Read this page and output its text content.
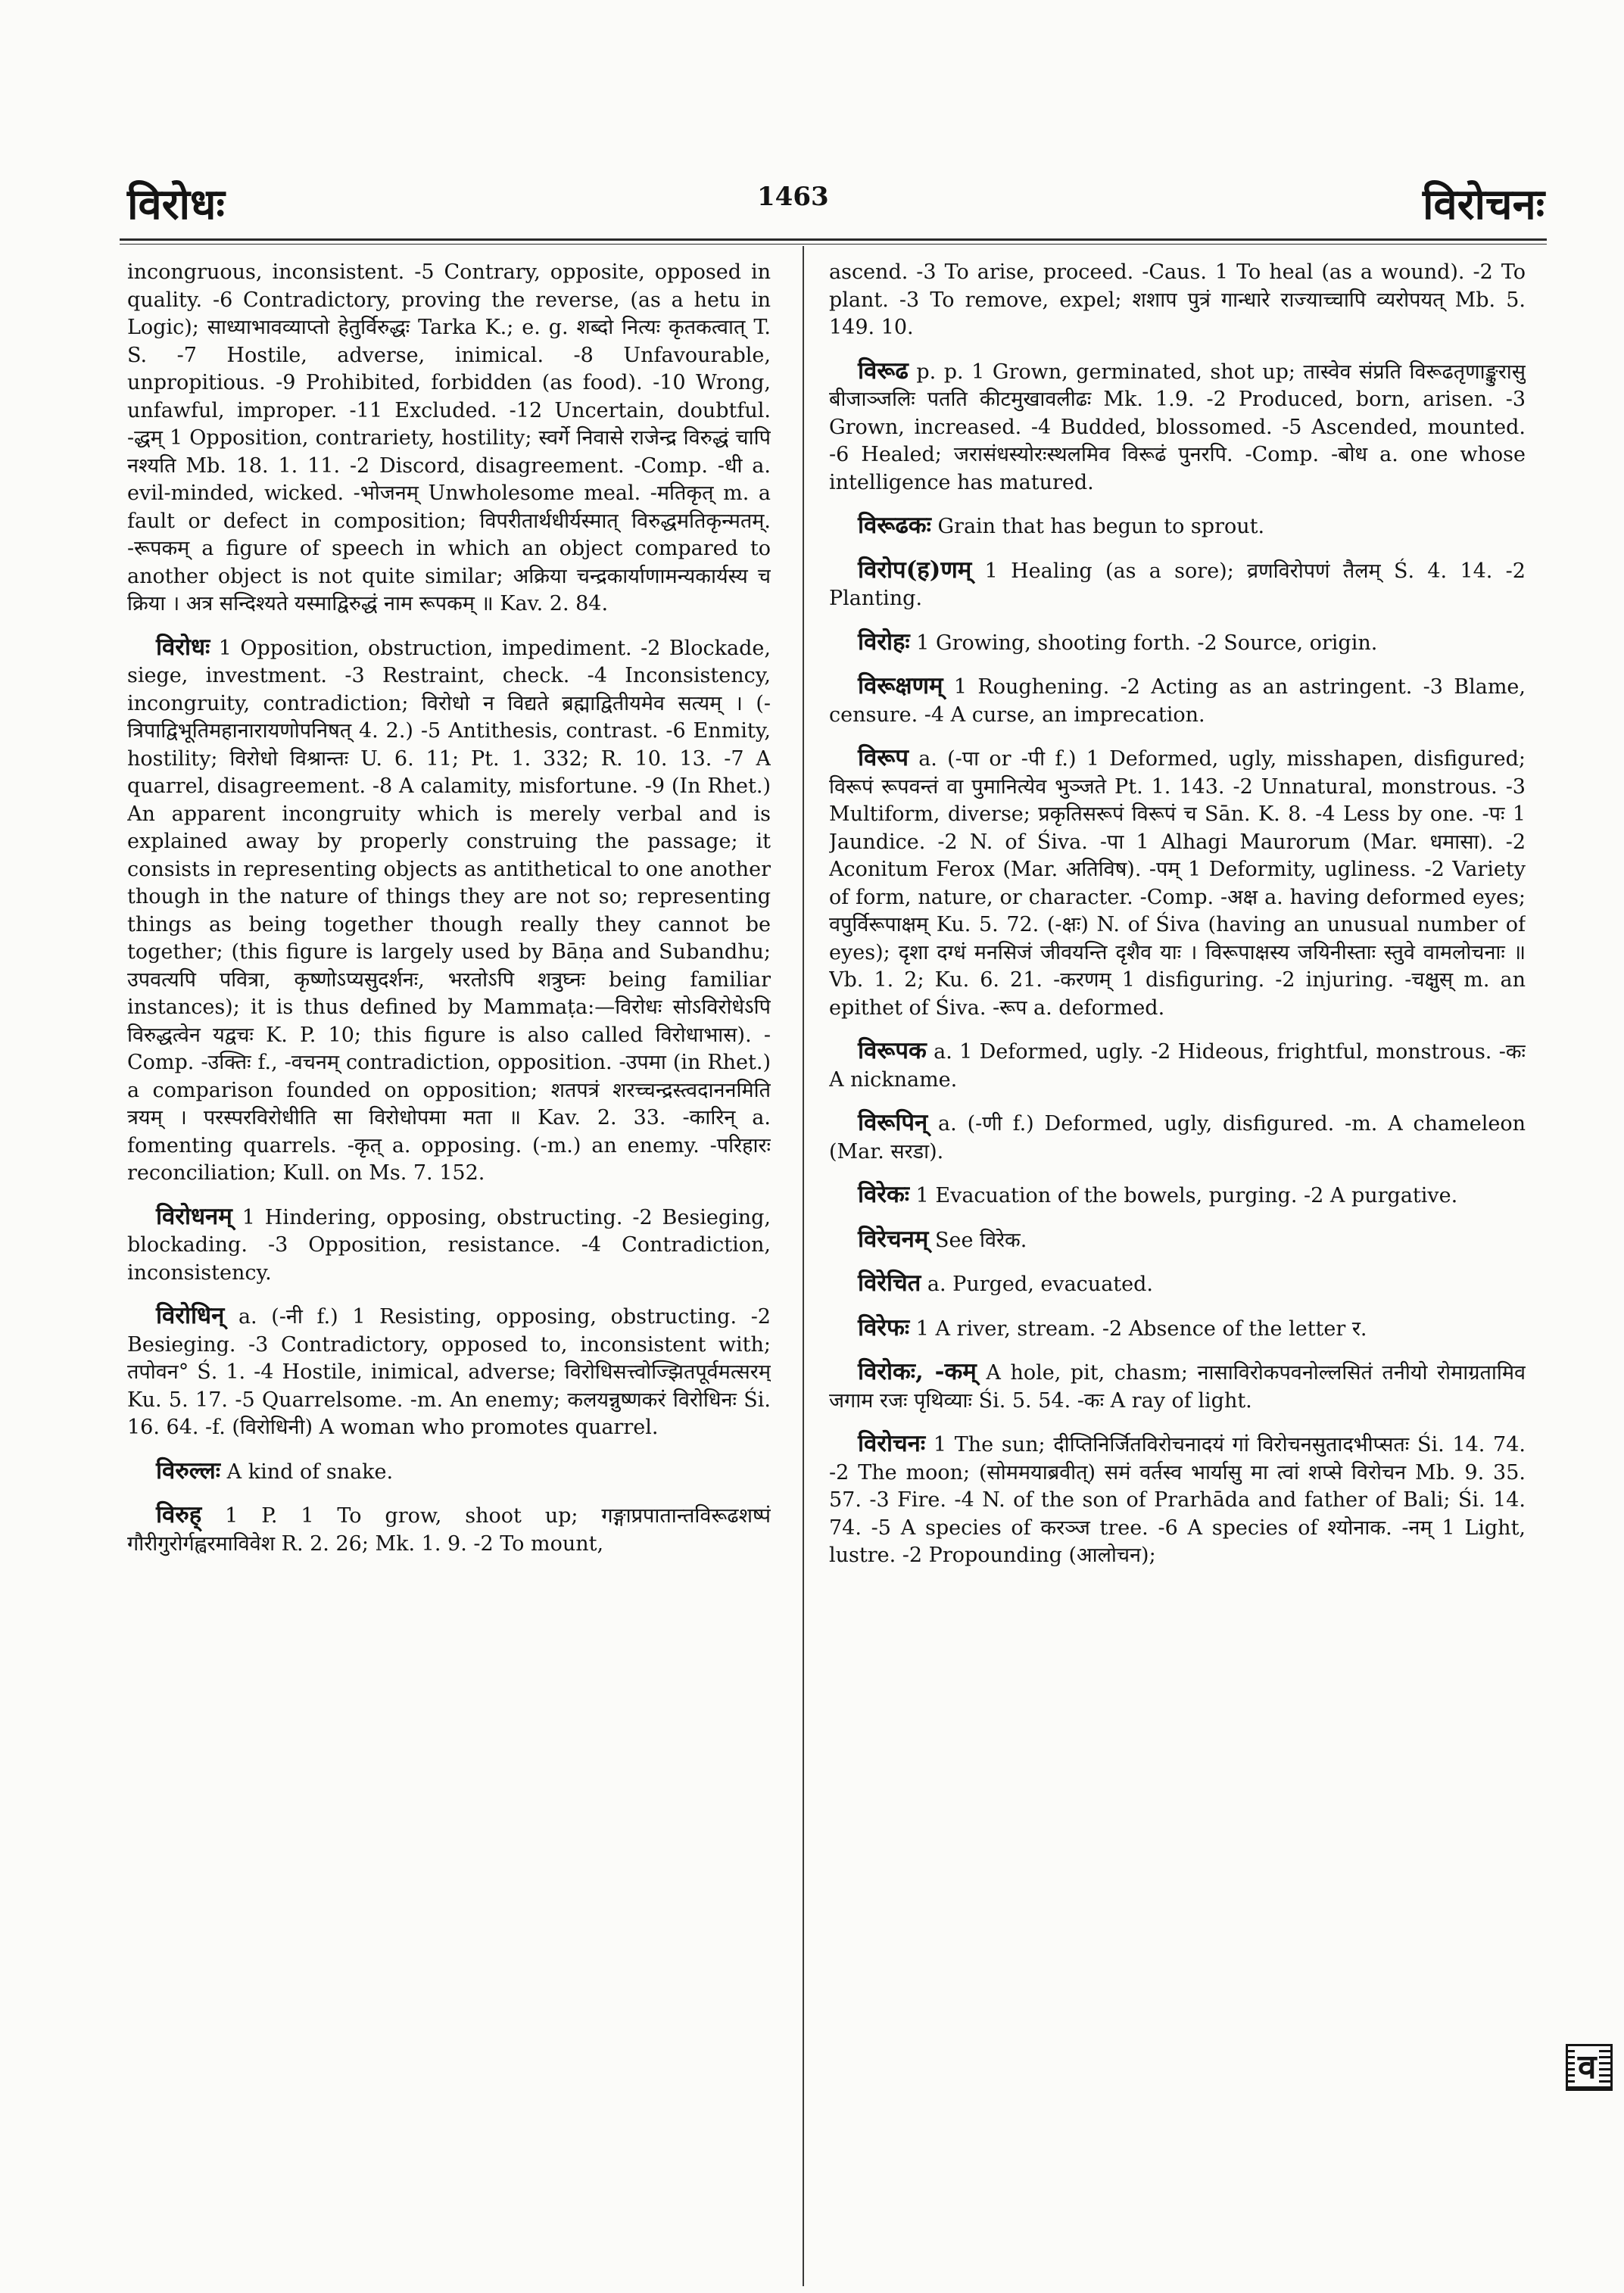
विरोधः	1463	विरोचनः

incongruous, inconsistent. -5 Contrary, opposite, opposed in quality. -6 Contradictory, proving the reverse, (as a hetu in Logic); साध्याभावव्याप्तो हेतुर्विरुद्धः Tarka K.; e. g. शब्दो नित्यः कृतकत्वात् T. S. -7 Hostile, adverse, inimical. -8 Unfavourable, unpropitious. -9 Prohibited, forbidden (as food). -10 Wrong, unfawful, improper. -11 Excluded. -12 Uncertain, doubtful. -द्धम् 1 Opposition, contrariety, hostility; स्वर्गे निवासे राजेन्द्र विरुद्धं चापि नश्यति Mb. 18. 1. 11. -2 Discord, disagreement. -Comp. -धी a. evil-minded, wicked. -भोजनम् Unwholesome meal. -मतिकृत् m. a fault or defect in composition; विपरीतार्थधीर्यस्मात् विरुद्धमतिकृन्मतम्. -रूपकम् a figure of speech in which an object compared to another object is not quite similar; अक्रिया चन्द्रकार्याणामन्यकार्यस्य च क्रिया । अत्र सन्दिश्यते यस्माद्विरुद्धं नाम रूपकम् ॥ Kav. 2. 84.

विरोधः 1 Opposition, obstruction, impediment. -2 Blockade, siege, investment. -3 Restraint, check. -4 Inconsistency, incongruity, contradiction; विरोधो न विद्यते ब्रह्माद्वितीयमेव सत्यम् । (-त्रिपाद्विभूतिमहानारायणोपनिषत् 4. 2.) -5 Antithesis, contrast. -6 Enmity, hostility; विरोधो विश्रान्तः U. 6. 11; Pt. 1. 332; R. 10. 13. -7 A quarrel, disagreement. -8 A calamity, misfortune. -9 (In Rhet.) An apparent incongruity which is merely verbal and is explained away by properly construing the passage; it consists in representing objects as antithetical to one another though in the nature of things they are not so; representing things as being together though really they cannot be together; (this figure is largely used by Bāṇa and Subandhu; उपवत्यपि पवित्रा, कृष्णोऽप्यसुदर्शनः, भरतोऽपि शत्रुघ्नः being familiar instances); it is thus defined by Mammaṭa:—विरोधः सोऽविरोधेऽपि विरुद्धत्वेन यद्वचः K. P. 10; this figure is also called विरोधाभास). -Comp. -उक्तिः f., -वचनम् contradiction, opposition. -उपमा (in Rhet.) a comparison founded on opposition; शतपत्रं शरच्चन्द्रस्त्वदाननमिति त्रयम् । परस्परविरोधीति सा विरोधोपमा मता ॥ Kav. 2. 33. -कारिन् a. fomenting quarrels. -कृत् a. opposing. (-m.) an enemy. -परिहारः reconciliation; Kull. on Ms. 7. 152.

विरोधनम् 1 Hindering, opposing, obstructing. -2 Besieging, blockading. -3 Opposition, resistance. -4 Contradiction, inconsistency.

विरोधिन् a. (-नी f.) 1 Resisting, opposing, obstructing. -2 Besieging. -3 Contradictory, opposed to, inconsistent with; तपोवन° Ś. 1. -4 Hostile, inimical, adverse; विरोधिसत्त्वोज्झितपूर्वमत्सरम् Ku. 5. 17. -5 Quarrelsome. -m. An enemy; कलयन्नुष्णकरं विरोधिनः Śi. 16. 64. -f. (विरोधिनी) A woman who promotes quarrel.

विरुल्लः A kind of snake.

विरुह् 1 P. 1 To grow, shoot up; गङ्गाप्रपातान्तविरूढशष्पं गौरीगुरोर्गह्वरमाविवेश R. 2. 26; Mk. 1. 9. -2 To mount,

ascend. -3 To arise, proceed. -Caus. 1 To heal (as a wound). -2 To plant. -3 To remove, expel; शशाप पुत्रं गान्धारे राज्याच्चापि व्यरोपयत् Mb. 5. 149. 10.

विरूढ p. p. 1 Grown, germinated, shot up; तास्वेव संप्रति विरूढतृणाङ्कुरासु बीजाञ्जलिः पतति कीटमुखावलीढः Mk. 1.9. -2 Produced, born, arisen. -3 Grown, increased. -4 Budded, blossomed. -5 Ascended, mounted. -6 Healed; जरासंधस्योरःस्थलमिव विरूढं पुनरपि. -Comp. -बोध a. one whose intelligence has matured.

विरूढकः Grain that has begun to sprout.

विरोप(ह)णम् 1 Healing (as a sore); व्रणविरोपणं तैलम् Ś. 4. 14. -2 Planting.

विरोहः 1 Growing, shooting forth. -2 Source, origin.

विरूक्षणम् 1 Roughening. -2 Acting as an astringent. -3 Blame, censure. -4 A curse, an imprecation.

विरूप a. (-पा or -पी f.) 1 Deformed, ugly, misshapen, disfigured; विरूपं रूपवन्तं वा पुमानित्येव भुञ्जते Pt. 1. 143. -2 Unnatural, monstrous. -3 Multiform, diverse; प्रकृतिसरूपं विरूपं च Sān. K. 8. -4 Less by one. -पः 1 Jaundice. -2 N. of Śiva. -पा 1 Alhagi Maurorum (Mar. धमासा). -2 Aconitum Ferox (Mar. अतिविष). -पम् 1 Deformity, ugliness. -2 Variety of form, nature, or character. -Comp. -अक्ष a. having deformed eyes; वपुर्विरूपाक्षम् Ku. 5. 72. (-क्षः) N. of Śiva (having an unusual number of eyes); दृशा दग्धं मनसिजं जीवयन्ति दृशैव याः । विरूपाक्षस्य जयिनीस्ताः स्तुवे वामलोचनाः ॥ Vb. 1. 2; Ku. 6. 21. -करणम् 1 disfiguring. -2 injuring. -चक्षुस् m. an epithet of Śiva. -रूप a. deformed.

विरूपक a. 1 Deformed, ugly. -2 Hideous, frightful, monstrous. -कः A nickname.

विरूपिन् a. (-णी f.) Deformed, ugly, disfigured. -m. A chameleon (Mar. सरडा).

विरेकः 1 Evacuation of the bowels, purging. -2 A purgative.

विरेचनम् See विरेक.

विरेचित a. Purged, evacuated.

विरेफः 1 A river, stream. -2 Absence of the letter र.

विरोकः, -कम् A hole, pit, chasm; नासाविरोकपवनोल्लसितं तनीयो रोमाग्रतामिव जगाम रजः पृथिव्याः Śi. 5. 54. -कः A ray of light.

विरोचनः 1 The sun; दीप्तिनिर्जितविरोचनादयं गां विरोचनसुतादभीप्सतः Śi. 14. 74. -2 The moon; (सोममयाब्रवीत्) समं वर्तस्व भार्यासु मा त्वां शप्से विरोचन Mb. 9. 35. 57. -3 Fire. -4 N. of the son of Prarhāda and father of Bali; Śi. 14. 74. -5 A species of करञ्ज tree. -6 A species of श्योनाक. -नम् 1 Light, lustre. -2 Propounding (आलोचन);

व
